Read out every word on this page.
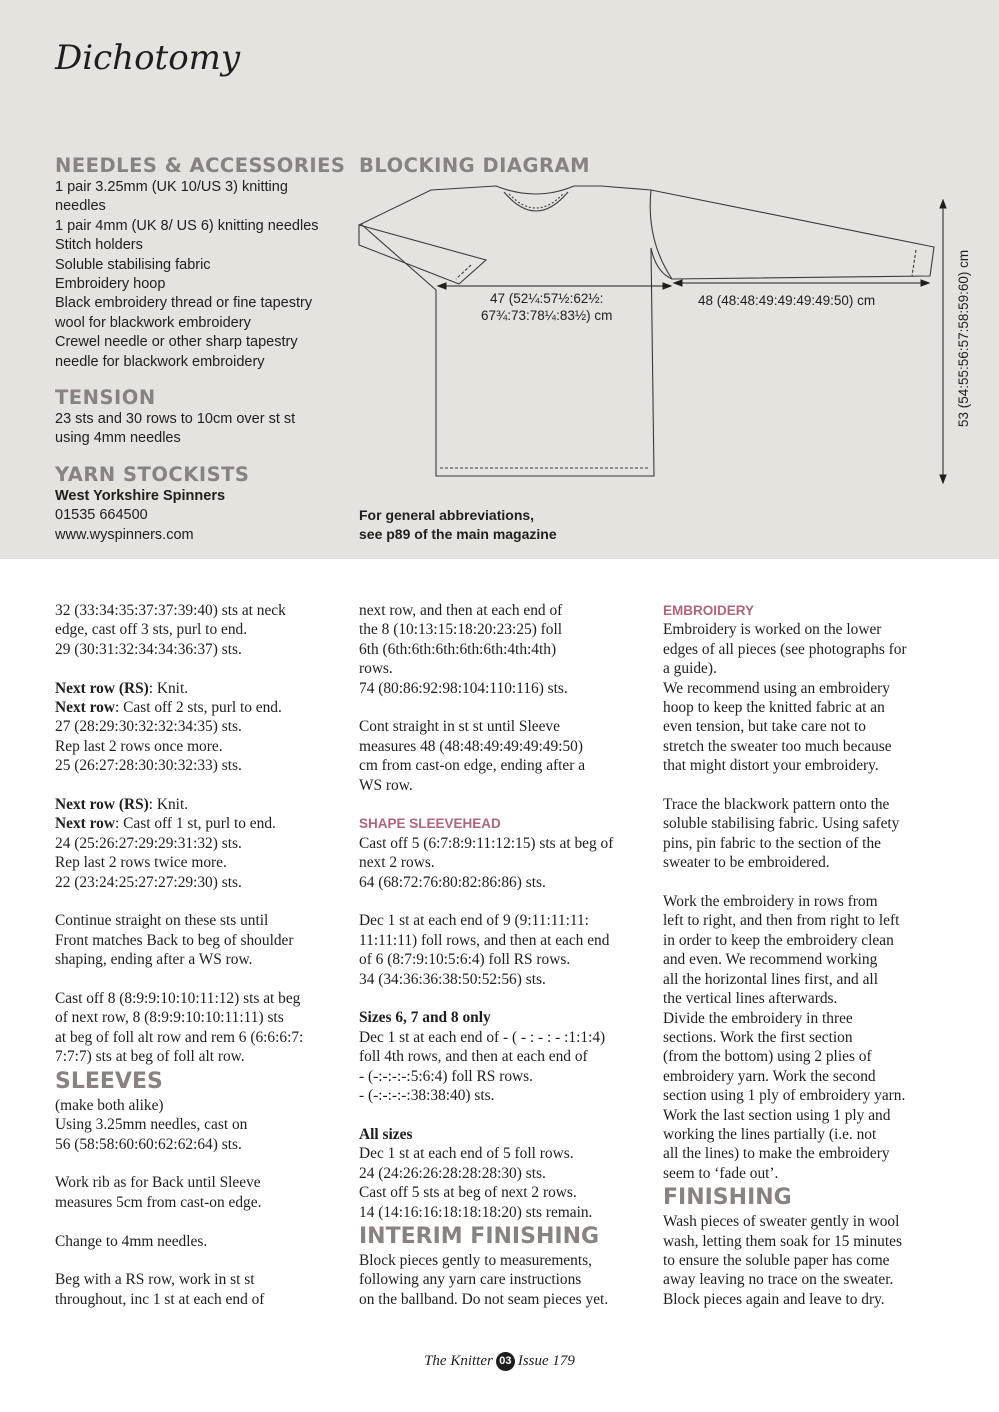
Dichotomy
NEEDLES & ACCESSORIES
1 pair 3.25mm (UK 10/US 3) knitting
needles
1 pair 4mm (UK 8/ US 6) knitting needles
Stitch holders
Soluble stabilising fabric
Embroidery hoop
Black embroidery thread or fine tapestry
wool for blackwork embroidery
Crewel needle or other sharp tapestry
needle for blackwork embroidery
TENSION
23 sts and 30 rows to 10cm over st st
using 4mm needles
YARN STOCKISTS
West Yorkshire Spinners
01535 664500
www.wyspinners.com
BLOCKING DIAGRAM
47 (52¼:57½:62½:
67¾:73:78¼:83½) cm
48 (48:48:49:49:49:49:50) cm	53 (54:55:56:57:58:59:60) cm
For general abbreviations,
see p89 of the main magazine
32 (33:34:35:37:37:39:40) sts at neck
edge, cast off 3 sts, purl to end.
29 (30:31:32:34:34:36:37) sts.
Next row (RS): Knit.
Next row: Cast off 2 sts, purl to end.
27 (28:29:30:32:32:34:35) sts.
Rep last 2 rows once more.
25 (26:27:28:30:30:32:33) sts.
Next row (RS): Knit.
Next row: Cast off 1 st, purl to end.
24 (25:26:27:29:29:31:32) sts.
Rep last 2 rows twice more.
22 (23:24:25:27:27:29:30) sts.
Continue straight on these sts until
Front matches Back to beg of shoulder
shaping, ending after a WS row.
Cast off 8 (8:9:9:10:10:11:12) sts at beg
of next row, 8 (8:9:9:10:10:11:11) sts
at beg of foll alt row and rem 6 (6:6:6:7:
7:7:7) sts at beg of foll alt row.
SLEEVES
(make both alike)
Using 3.25mm needles, cast on
56 (58:58:60:60:62:62:64) sts.
Work rib as for Back until Sleeve
measures 5cm from cast-on edge.
Change to 4mm needles.
Beg with a RS row, work in st st
throughout, inc 1 st at each end of
next row, and then at each end of
the 8 (10:13:15:18:20:23:25) foll
6th (6th:6th:6th:6th:6th:4th:4th)
rows.
74 (80:86:92:98:104:110:116) sts.
Cont straight in st st until Sleeve
measures 48 (48:48:49:49:49:49:50)
cm from cast-on edge, ending after a
WS row.
SHAPE SLEEVEHEAD
Cast off 5 (6:7:8:9:11:12:15) sts at beg of
next 2 rows.
64 (68:72:76:80:82:86:86) sts.
Dec 1 st at each end of 9 (9:11:11:11:
11:11:11) foll rows, and then at each end
of 6 (8:7:9:10:5:6:4) foll RS rows.
34 (34:36:36:38:50:52:56) sts.
Sizes 6, 7 and 8 only
Dec 1 st at each end of - ( - : - : - :1:1:4)
foll 4th rows, and then at each end of
- (-:-:-:-:5:6:4) foll RS rows.
- (-:-:-:-:38:38:40) sts.
All sizes
Dec 1 st at each end of 5 foll rows.
24 (24:26:26:28:28:28:30) sts.
Cast off 5 sts at beg of next 2 rows.
14 (14:16:16:18:18:18:20) sts remain.
INTERIM FINISHING
Block pieces gently to measurements,
following any yarn care instructions
on the ballband. Do not seam pieces yet.
EMBROIDERY
Embroidery is worked on the lower
edges of all pieces (see photographs for
a guide).
We recommend using an embroidery
hoop to keep the knitted fabric at an
even tension, but take care not to
stretch the sweater too much because
that might distort your embroidery.
Trace the blackwork pattern onto the
soluble stabilising fabric. Using safety
pins, pin fabric to the section of the
sweater to be embroidered.
Work the embroidery in rows from
left to right, and then from right to left
in order to keep the embroidery clean
and even. We recommend working
all the horizontal lines first, and all
the vertical lines afterwards.
Divide the embroidery in three
sections. Work the first section
(from the bottom) using 2 plies of
embroidery yarn. Work the second
section using 1 ply of embroidery yarn.
Work the last section using 1 ply and
working the lines partially (i.e. not
all the lines) to make the embroidery
seem to ‘fade out’.
FINISHING
Wash pieces of sweater gently in wool
wash, letting them soak for 15 minutes
to ensure the soluble paper has come
away leaving no trace on the sweater.
Block pieces again and leave to dry.
The Knitter 03 Issue 179
